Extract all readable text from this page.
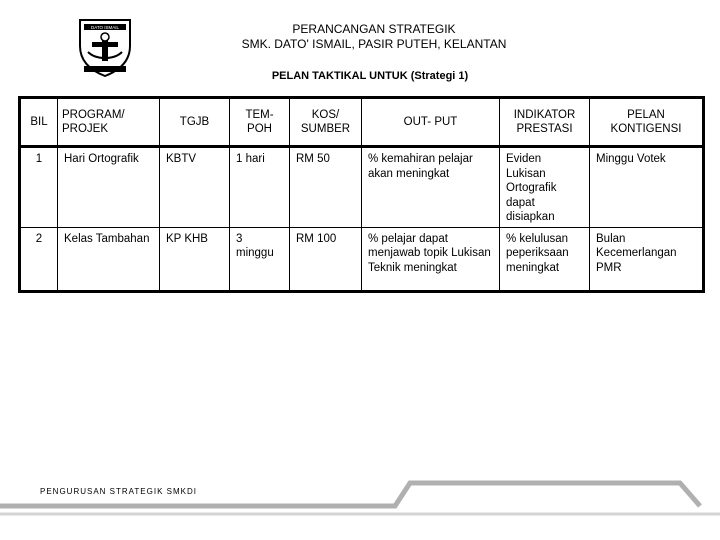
DATO ISMAIL	PERANCANGAN STRATEGIK
SMK. DATO' ISMAIL, PASIR PUTEH, KELANTAN
PELAN TAKTIKAL UNTUK (Strategi 1)
BIL	PROGRAM/ PROJEK	TGJB	TEM- POH	KOS/ SUMBER	OUT- PUT	INDIKATOR PRESTASI	PELAN KONTIGENSI
1	Hari Ortografik	KBTV	1 hari	RM 50	% kemahiran pelajar akan meningkat	Eviden Lukisan Ortografik dapat disiapkan	Minggu Votek
2	Kelas Tambahan	KP KHB	3 minggu	RM 100	% pelajar dapat menjawab topik Lukisan Teknik meningkat	% kelulusan peperiksaan meningkat	Bulan Kecemerlangan PMR
PENGURUSAN STRATEGIK SMKDI
